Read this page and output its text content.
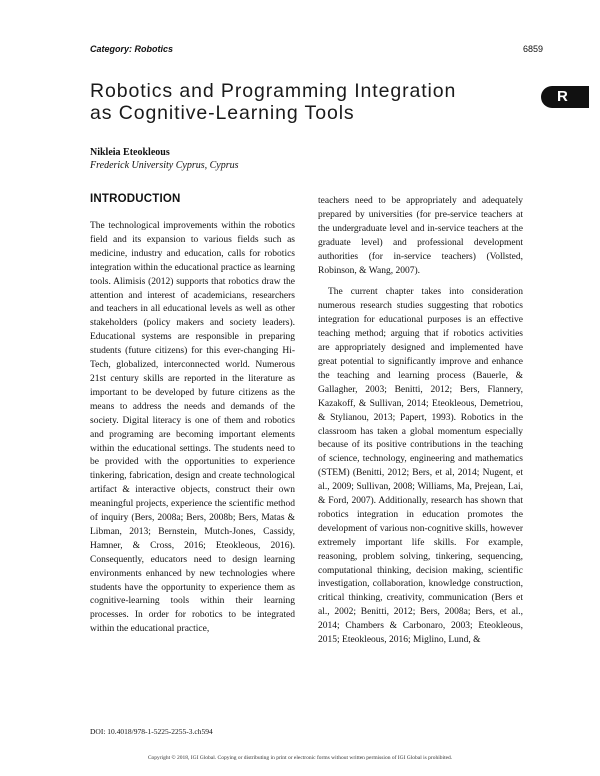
Category: Robotics	6859
R
Robotics and Programming Integration
as Cognitive-Learning Tools
Nikleia Eteokleous
Frederick University Cyprus, Cyprus
INTRODUCTION

The technological improvements within the robotics field and its expansion to various fields such as medicine, industry and education, calls for robotics integration within the educational practice as learning tools. Alimisis (2012) supports that robotics draw the attention and interest of academicians, researchers and teachers in all educational levels as well as other stakeholders (policy makers and society leaders). Educational systems are responsible in preparing students (future citizens) for this ever-changing Hi-Tech, globalized, interconnected world. Numerous 21st century skills are reported in the literature as important to be developed by future citizens as the means to address the needs and demands of the society. Digital literacy is one of them and robotics and programing are becoming important elements within the educational settings. The students need to be provided with the opportunities to experience tinkering, fabrication, design and create technological artifact & interactive objects, construct their own meaningful projects, experience the scientific method of inquiry (Bers, 2008a; Bers, 2008b; Bers, Matas & Libman, 2013; Bernstein, Mutch-Jones, Cassidy, Hamner, & Cross, 2016; Eteokleous, 2016). Consequently, educators need to design learning environments enhanced by new technologies where students have the opportunity to experience them as cognitive-learning tools within their learning processes. In order for robotics to be integrated within the educational practice,

teachers need to be appropriately and adequately prepared by universities (for pre-service teachers at the undergraduate level and in-service teachers at the graduate level) and professional development authorities (for in-service teachers) (Vollsted, Robinson, & Wang, 2007).

The current chapter takes into consideration numerous research studies suggesting that robotics integration for educational purposes is an effective teaching method; arguing that if robotics activities are appropriately designed and implemented have great potential to significantly improve and enhance the teaching and learning process (Bauerle, & Gallagher, 2003; Benitti, 2012; Bers, Flannery, Kazakoff, & Sullivan, 2014; Eteokleous, Demetriou, & Stylianou, 2013; Papert, 1993). Robotics in the classroom has taken a global momentum especially because of its positive contributions in the teaching of science, technology, engineering and mathematics (STEM) (Benitti, 2012; Bers, et al, 2014; Nugent, et al., 2009; Sullivan, 2008; Williams, Ma, Prejean, Lai, & Ford, 2007). Additionally, research has shown that robotics integration in education promotes the development of various non-cognitive skills, however extremely important life skills. For example, reasoning, problem solving, tinkering, sequencing, computational thinking, decision making, scientific investigation, collaboration, knowledge construction, critical thinking, creativity, communication (Bers et al., 2002; Benitti, 2012; Bers, 2008a; Bers, et al., 2014; Chambers & Carbonaro, 2003; Eteokleous, 2015; Eteokleous, 2016; Miglino, Lund, &

DOI: 10.4018/978-1-5225-2255-3.ch594
Copyright © 2018, IGI Global. Copying or distributing in print or electronic forms without written permission of IGI Global is prohibited.
